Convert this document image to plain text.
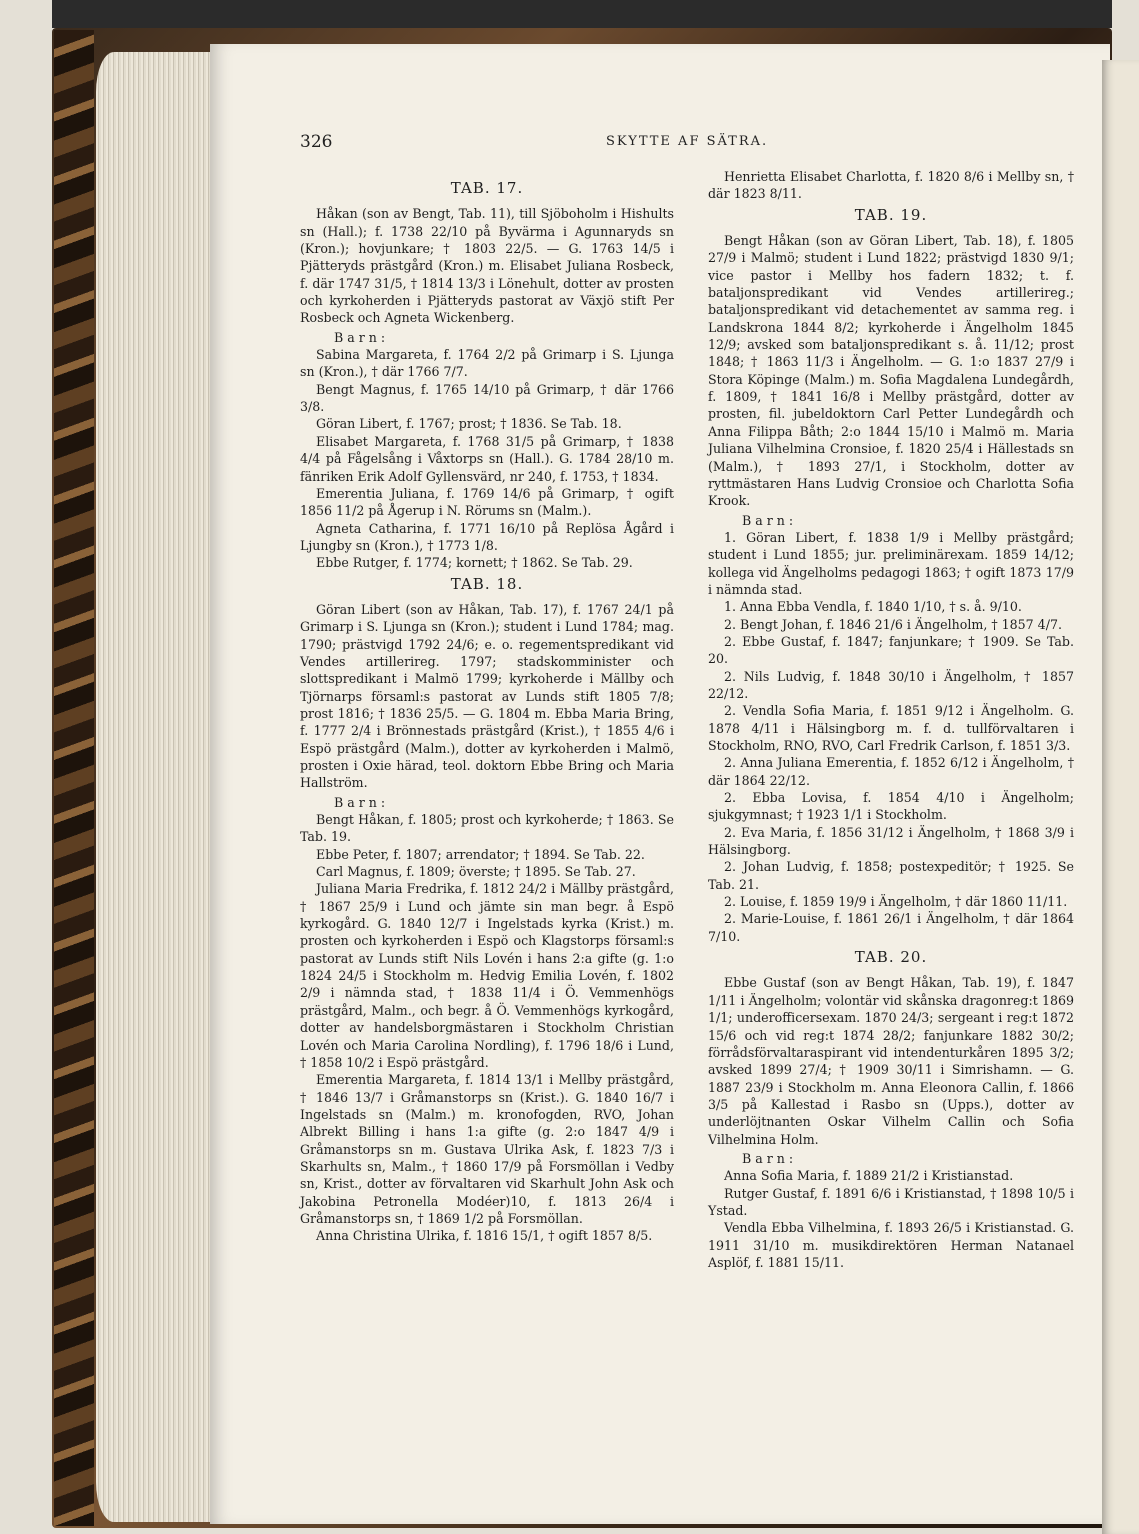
326	SKYTTE AF SÄTRA.

TAB. 17.

Håkan (son av Bengt, Tab. 11), till Sjöboholm i Hishults sn (Hall.); f. 1738 22/10 på Byvärma i Agunnaryds sn (Kron.); hovjunkare; † 1803 22/5. — G. 1763 14/5 i Pjätteryds prästgård (Kron.) m. Elisabet Juliana Rosbeck, f. där 1747 31/5, † 1814 13/3 i Lönehult, dotter av prosten och kyrkoherden i Pjätteryds pastorat av Växjö stift Per Rosbeck och Agneta Wickenberg.

Barn:

Sabina Margareta, f. 1764 2/2 på Grimarp i S. Ljunga sn (Kron.), † där 1766 7/7.

Bengt Magnus, f. 1765 14/10 på Grimarp, † där 1766 3/8.

Göran Libert, f. 1767; prost; † 1836. Se Tab. 18.

Elisabet Margareta, f. 1768 31/5 på Grimarp, † 1838 4/4 på Fågelsång i Våxtorps sn (Hall.). G. 1784 28/10 m. fänriken Erik Adolf Gyllensvärd, nr 240, f. 1753, † 1834.

Emerentia Juliana, f. 1769 14/6 på Grimarp, † ogift 1856 11/2 på Ågerup i N. Rörums sn (Malm.).

Agneta Catharina, f. 1771 16/10 på Replösa Ågård i Ljungby sn (Kron.), † 1773 1/8.

Ebbe Rutger, f. 1774; kornett; † 1862. Se Tab. 29.

TAB. 18.

Göran Libert (son av Håkan, Tab. 17), f. 1767 24/1 på Grimarp i S. Ljunga sn (Kron.); student i Lund 1784; mag. 1790; prästvigd 1792 24/6; e. o. regementspredikant vid Vendes artillerireg. 1797; stadskomminister och slottspredikant i Malmö 1799; kyrkoherde i Mällby och Tjörnarps församl:s pastorat av Lunds stift 1805 7/8; prost 1816; † 1836 25/5. — G. 1804 m. Ebba Maria Bring, f. 1777 2/4 i Brönnestads prästgård (Krist.), † 1855 4/6 i Espö prästgård (Malm.), dotter av kyrkoherden i Malmö, prosten i Oxie härad, teol. doktorn Ebbe Bring och Maria Hallström.

Barn:

Bengt Håkan, f. 1805; prost och kyrkoherde; † 1863. Se Tab. 19.

Ebbe Peter, f. 1807; arrendator; † 1894. Se Tab. 22.

Carl Magnus, f. 1809; överste; † 1895. Se Tab. 27.

Juliana Maria Fredrika, f. 1812 24/2 i Mällby prästgård, † 1867 25/9 i Lund och jämte sin man begr. å Espö kyrkogård. G. 1840 12/7 i Ingelstads kyrka (Krist.) m. prosten och kyrkoherden i Espö och Klagstorps församl:s pastorat av Lunds stift Nils Lovén i hans 2:a gifte (g. 1:o 1824 24/5 i Stockholm m. Hedvig Emilia Lovén, f. 1802 2/9 i nämnda stad, † 1838 11/4 i Ö. Vemmenhögs prästgård, Malm., och begr. å Ö. Vemmenhögs kyrkogård, dotter av handelsborgmästaren i Stockholm Christian Lovén och Maria Carolina Nordling), f. 1796 18/6 i Lund, † 1858 10/2 i Espö prästgård.

Emerentia Margareta, f. 1814 13/1 i Mellby prästgård, † 1846 13/7 i Gråmanstorps sn (Krist.). G. 1840 16/7 i Ingelstads sn (Malm.) m. kronofogden, RVO, Johan Albrekt Billing i hans 1:a gifte (g. 2:o 1847 4/9 i Gråmanstorps sn m. Gustava Ulrika Ask, f. 1823 7/3 i Skarhults sn, Malm., † 1860 17/9 på Forsmöllan i Vedby sn, Krist., dotter av förvaltaren vid Skarhult John Ask och Jakobina Petronella Modéer)10, f. 1813 26/4 i Gråmanstorps sn, † 1869 1/2 på Forsmöllan.

Anna Christina Ulrika, f. 1816 15/1, † ogift 1857 8/5.

Henrietta Elisabet Charlotta, f. 1820 8/6 i Mellby sn, † där 1823 8/11.

TAB. 19.

Bengt Håkan (son av Göran Libert, Tab. 18), f. 1805 27/9 i Malmö; student i Lund 1822; prästvigd 1830 9/1; vice pastor i Mellby hos fadern 1832; t. f. bataljonspredikant vid Vendes artillerireg.; bataljonspredikant vid detachementet av samma reg. i Landskrona 1844 8/2; kyrkoherde i Ängelholm 1845 12/9; avsked som bataljonspredikant s. å. 11/12; prost 1848; † 1863 11/3 i Ängelholm. — G. 1:o 1837 27/9 i Stora Köpinge (Malm.) m. Sofia Magdalena Lundegårdh, f. 1809, † 1841 16/8 i Mellby prästgård, dotter av prosten, fil. jubeldoktorn Carl Petter Lundegårdh och Anna Filippa Båth; 2:o 1844 15/10 i Malmö m. Maria Juliana Vilhelmina Cronsioe, f. 1820 25/4 i Hällestads sn (Malm.), † 1893 27/1, i Stockholm, dotter av ryttmästaren Hans Ludvig Cronsioe och Charlotta Sofia Krook.

Barn:

1. Göran Libert, f. 1838 1/9 i Mellby prästgård; student i Lund 1855; jur. preliminärexam. 1859 14/12; kollega vid Ängelholms pedagogi 1863; † ogift 1873 17/9 i nämnda stad.

1. Anna Ebba Vendla, f. 1840 1/10, † s. å. 9/10.

2. Bengt Johan, f. 1846 21/6 i Ängelholm, † 1857 4/7.

2. Ebbe Gustaf, f. 1847; fanjunkare; † 1909. Se Tab. 20.

2. Nils Ludvig, f. 1848 30/10 i Ängelholm, † 1857 22/12.

2. Vendla Sofia Maria, f. 1851 9/12 i Ängelholm. G. 1878 4/11 i Hälsingborg m. f. d. tullförvaltaren i Stockholm, RNO, RVO, Carl Fredrik Carlson, f. 1851 3/3.

2. Anna Juliana Emerentia, f. 1852 6/12 i Ängelholm, † där 1864 22/12.

2. Ebba Lovisa, f. 1854 4/10 i Ängelholm; sjukgymnast; † 1923 1/1 i Stockholm.

2. Eva Maria, f. 1856 31/12 i Ängelholm, † 1868 3/9 i Hälsingborg.

2. Johan Ludvig, f. 1858; postexpeditör; † 1925. Se Tab. 21.

2. Louise, f. 1859 19/9 i Ängelholm, † där 1860 11/11.

2. Marie-Louise, f. 1861 26/1 i Ängelholm, † där 1864 7/10.

TAB. 20.

Ebbe Gustaf (son av Bengt Håkan, Tab. 19), f. 1847 1/11 i Ängelholm; volontär vid skånska dragonreg:t 1869 1/1; underofficersexam. 1870 24/3; sergeant i reg:t 1872 15/6 och vid reg:t 1874 28/2; fanjunkare 1882 30/2; förrådsförvaltaraspirant vid intendenturkåren 1895 3/2; avsked 1899 27/4; † 1909 30/11 i Simrishamn. — G. 1887 23/9 i Stockholm m. Anna Eleonora Callin, f. 1866 3/5 på Kallestad i Rasbo sn (Upps.), dotter av underlöjtnanten Oskar Vilhelm Callin och Sofia Vilhelmina Holm.

Barn:

Anna Sofia Maria, f. 1889 21/2 i Kristianstad.

Rutger Gustaf, f. 1891 6/6 i Kristianstad, † 1898 10/5 i Ystad.

Vendla Ebba Vilhelmina, f. 1893 26/5 i Kristianstad. G. 1911 31/10 m. musikdirektören Herman Natanael Asplöf, f. 1881 15/11.
